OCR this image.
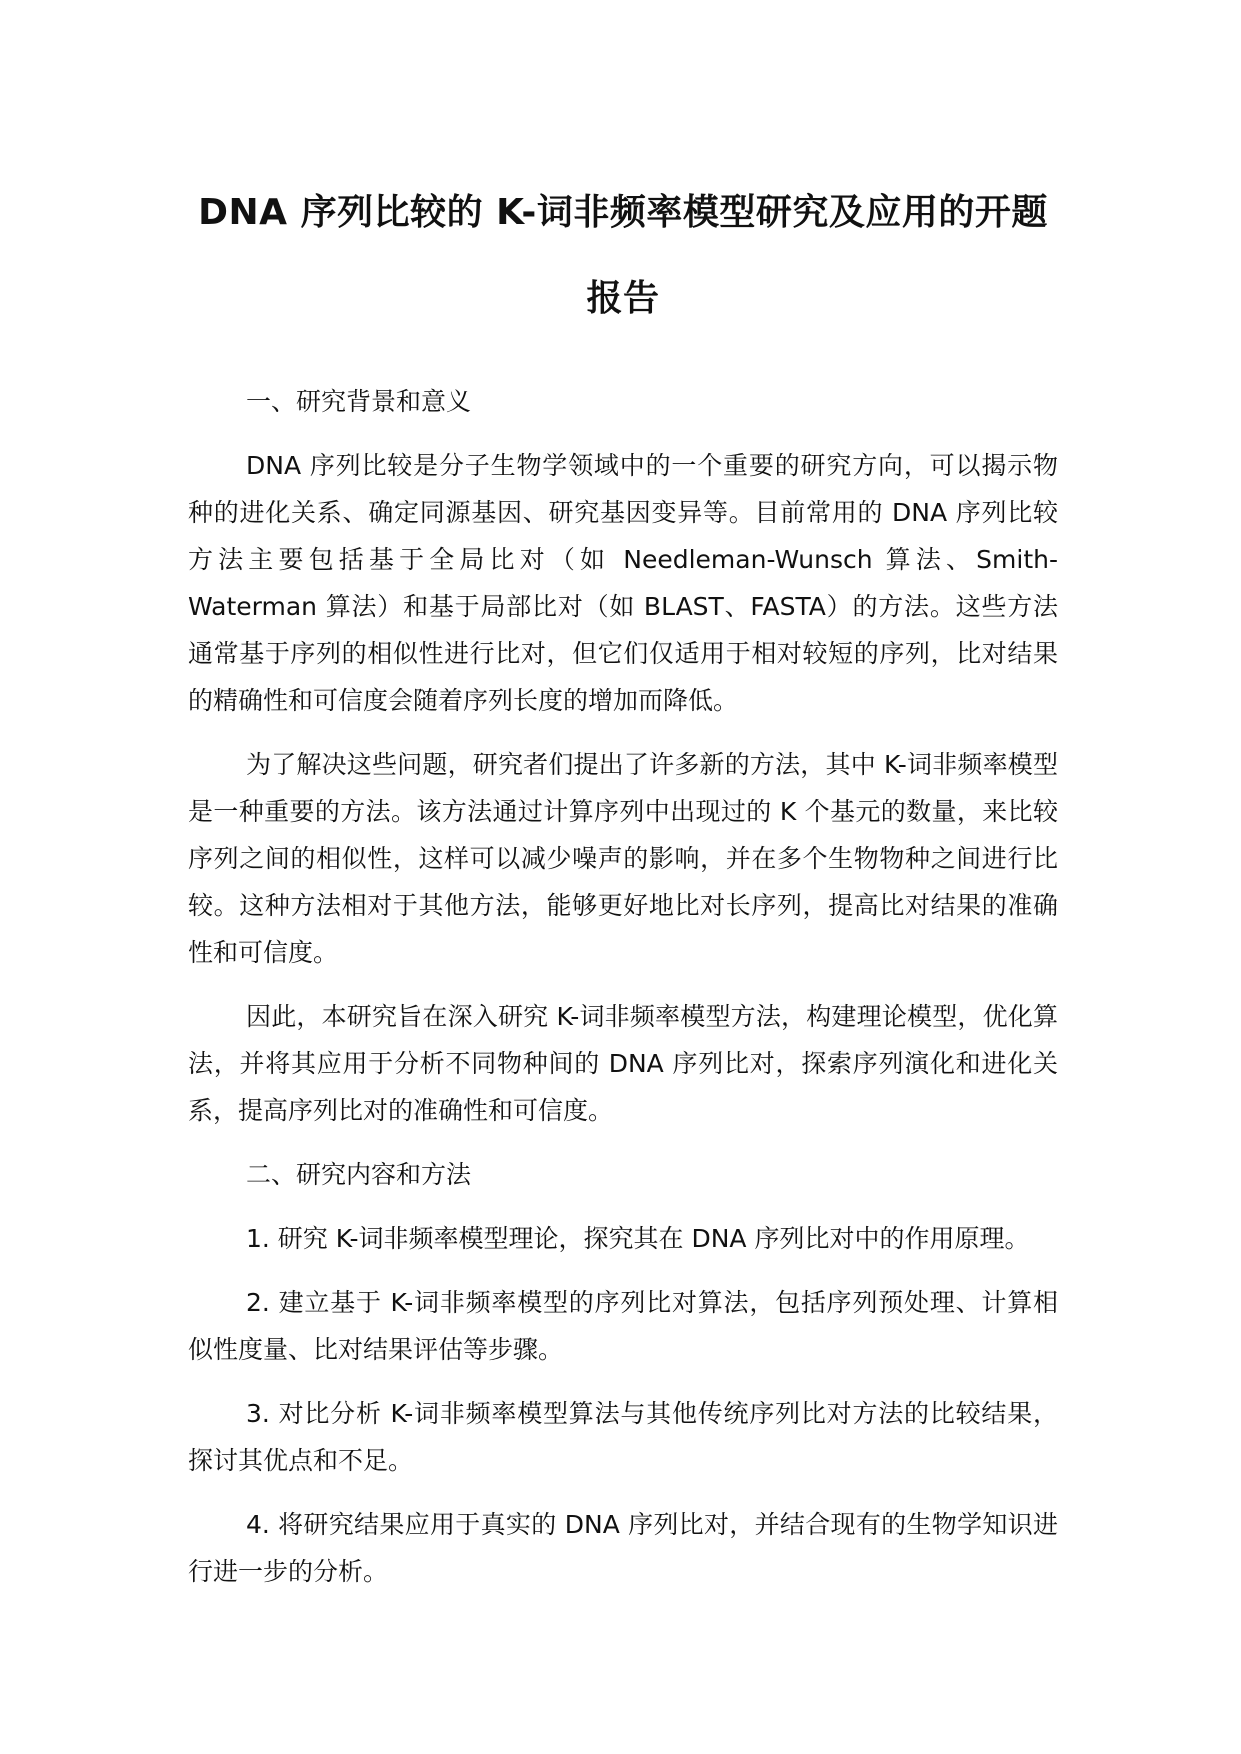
DNA 序列比较的 K-词非频率模型研究及应用的开题报告

一、研究背景和意义

DNA 序列比较是分子生物学领域中的一个重要的研究方向，可以揭示物种的进化关系、确定同源基因、研究基因变异等。目前常用的 DNA 序列比较方法主要包括基于全局比对（如 Needleman-Wunsch 算法、Smith-Waterman 算法）和基于局部比对（如 BLAST、FASTA）的方法。这些方法通常基于序列的相似性进行比对，但它们仅适用于相对较短的序列，比对结果的精确性和可信度会随着序列长度的增加而降低。

为了解决这些问题，研究者们提出了许多新的方法，其中 K-词非频率模型是一种重要的方法。该方法通过计算序列中出现过的 K 个基元的数量，来比较序列之间的相似性，这样可以减少噪声的影响，并在多个生物物种之间进行比较。这种方法相对于其他方法，能够更好地比对长序列，提高比对结果的准确性和可信度。

因此，本研究旨在深入研究 K-词非频率模型方法，构建理论模型，优化算法，并将其应用于分析不同物种间的 DNA 序列比对，探索序列演化和进化关系，提高序列比对的准确性和可信度。

二、研究内容和方法

1. 研究 K-词非频率模型理论，探究其在 DNA 序列比对中的作用原理。

2. 建立基于 K-词非频率模型的序列比对算法，包括序列预处理、计算相似性度量、比对结果评估等步骤。

3. 对比分析 K-词非频率模型算法与其他传统序列比对方法的比较结果，探讨其优点和不足。

4. 将研究结果应用于真实的 DNA 序列比对，并结合现有的生物学知识进行进一步的分析。
